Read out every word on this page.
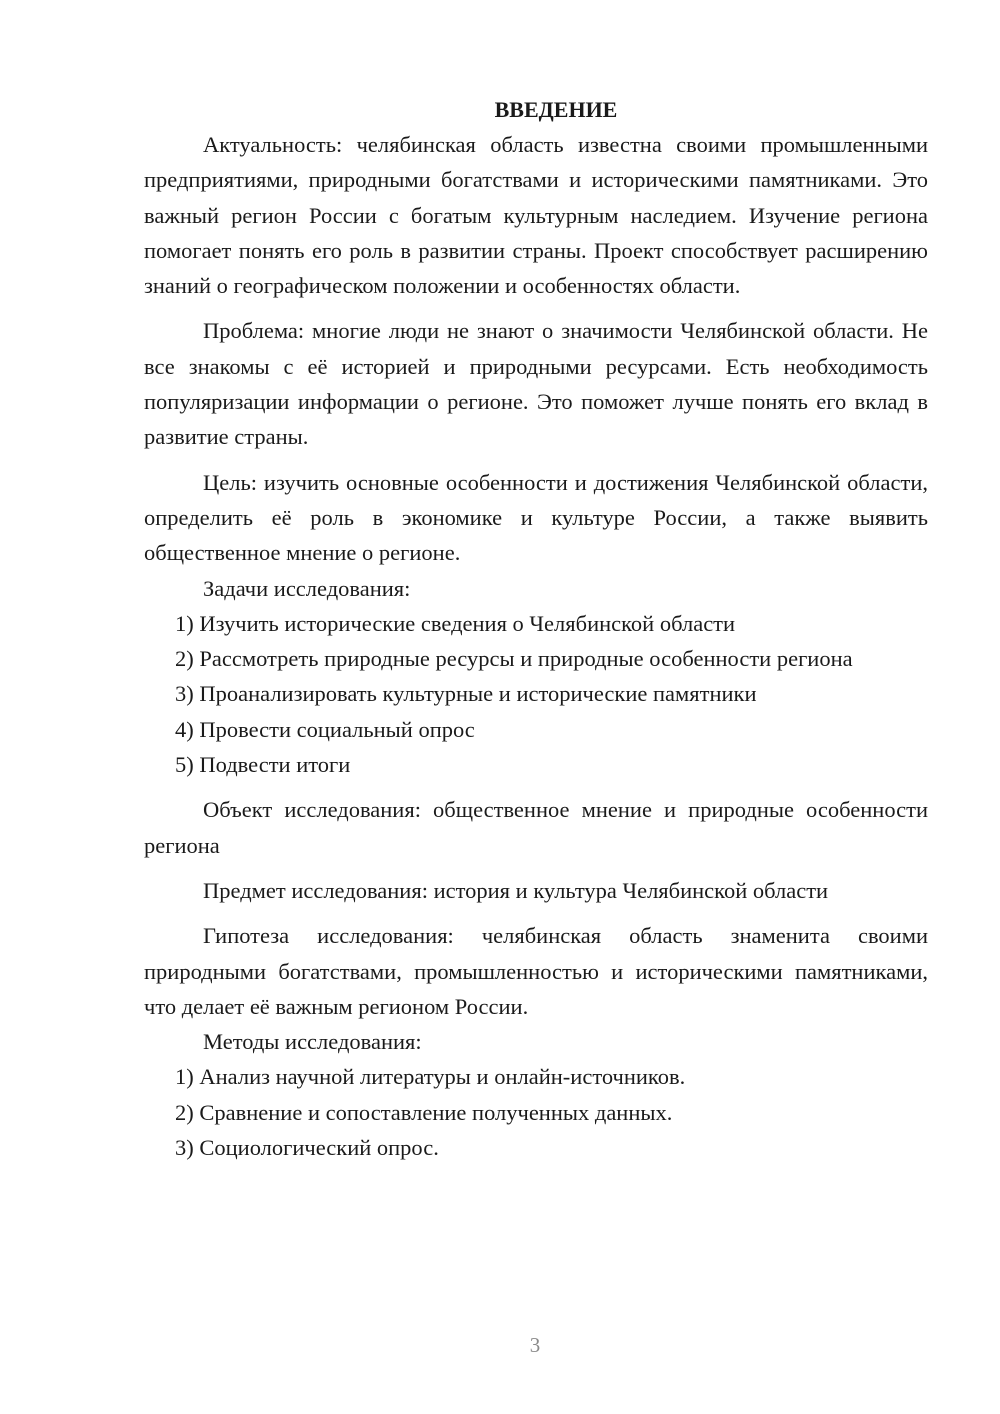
ВВЕДЕНИЕ

Актуальность: челябинская область известна своими промышленными предприятиями, природными богатствами и историческими памятниками. Это важный регион России с богатым культурным наследием. Изучение региона помогает понять его роль в развитии страны. Проект способствует расширению знаний о географическом положении и особенностях области.

Проблема: многие люди не знают о значимости Челябинской области. Не все знакомы с её историей и природными ресурсами. Есть необходимость популяризации информации о регионе. Это поможет лучше понять его вклад в развитие страны.

Цель: изучить основные особенности и достижения Челябинской области, определить её роль в экономике и культуре России, а также выявить общественное мнение о регионе.

Задачи исследования:

1) Изучить исторические сведения о Челябинской области

2) Рассмотреть природные ресурсы и природные особенности региона

3) Проанализировать культурные и исторические памятники

4) Провести социальный опрос

5) Подвести итоги

Объект исследования: общественное мнение и природные особенности региона

Предмет исследования: история и культура Челябинской области

Гипотеза исследования: челябинская область знаменита своими природными богатствами, промышленностью и историческими памятниками, что делает её важным регионом России.

Методы исследования:

1) Анализ научной литературы и онлайн-источников.

2) Сравнение и сопоставление полученных данных.

3) Социологический опрос.

3
